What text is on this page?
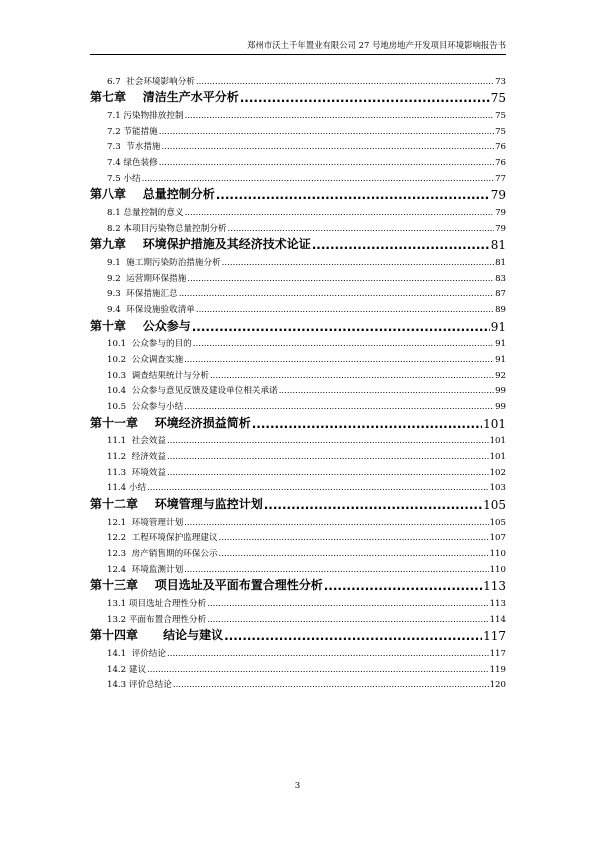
郑州市沃土千年置业有限公司 27 号地房地产开发项目环境影响报告书
6.7  社会环境影响分析 .....	73
第七章    清洁生产水平分析 .....	75
7.1 污染物排放控制 .....	75
7.2 节能措施 .....	75
7.3  节水措施 .....	76
7.4 绿色装修 .....	76
7.5 小结 .....	77
第八章    总量控制分析 .....	79
8.1 总量控制的意义 .....	79
8.2 本项目污染物总量控制分析 .....	79
第九章    环境保护措施及其经济技术论证 .....	81
9.1  施工期污染防治措施分析 .....	81
9.2  运营期环保措施 .....	83
9.3  环保措施汇总 .....	87
9.4  环保设施验收清单 .....	89
第十章    公众参与 .....	91
10.1  公众参与的目的 .....	91
10.2  公众调查实施 .....	91
10.3  调查结果统计与分析 .....	92
10.4  公众参与意见反馈及建设单位相关承诺 .....	99
10.5  公众参与小结 .....	99
第十一章    环境经济损益简析 .....	101
11.1  社会效益 .....	101
11.2  经济效益 .....	101
11.3  环境效益 .....	102
11.4 小结 .....	103
第十二章    环境管理与监控计划 .....	105
12.1  环境管理计划 .....	105
12.2  工程环境保护监理建议 .....	107
12.3  房产销售期的环保公示 .....	110
12.4  环境监测计划 .....	110
第十三章    项目选址及平面布置合理性分析 .....	113
13.1 项目选址合理性分析 .....	113
13.2 平面布置合理性分析 .....	114
第十四章      结论与建议 .....	117
14.1  评价结论 .....	117
14.2 建议 .....	119
14.3 评价总结论 .....	120
3
